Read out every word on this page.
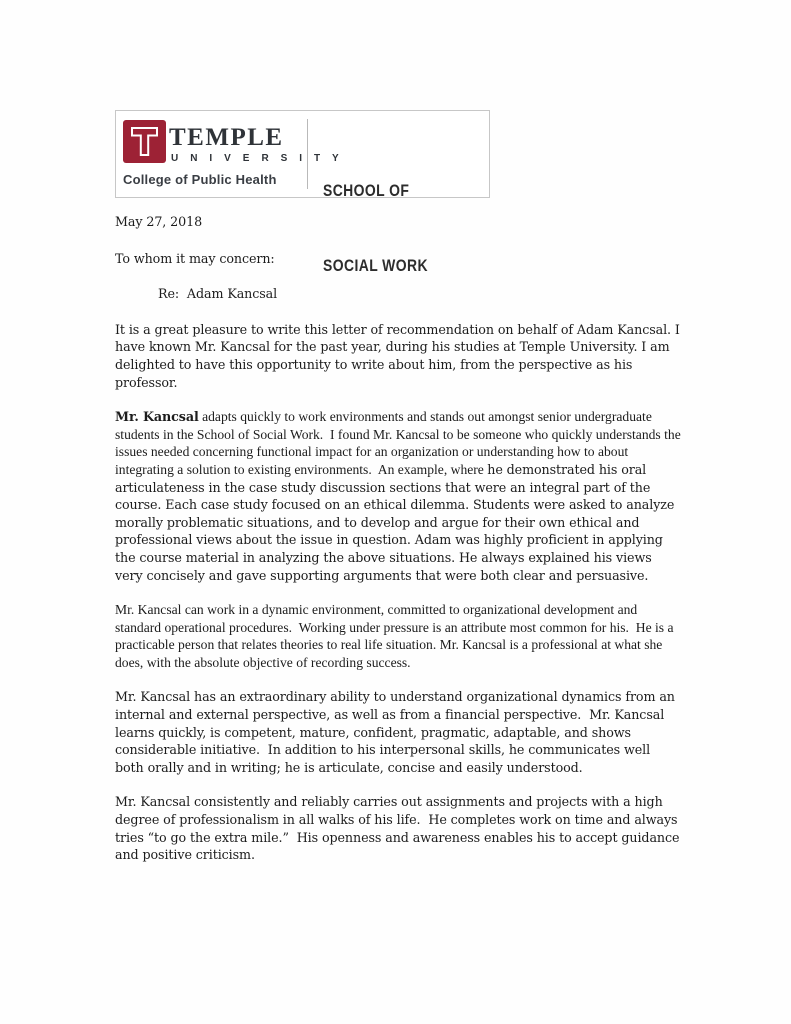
TEMPLE
U N I V E R S I T Y
College of Public Health

SCHOOL OF

SOCIAL WORK

May 27, 2018

To whom it may concern:

Re:  Adam Kancsal

It is a great pleasure to write this letter of recommendation on behalf of Adam Kancsal. I have known Mr. Kancsal for the past year, during his studies at Temple University. I am delighted to have this opportunity to write about him, from the perspective as his professor.

Mr. Kancsal adapts quickly to work environments and stands out amongst senior undergraduate students in the School of Social Work.  I found Mr. Kancsal to be someone who quickly understands the issues needed concerning functional impact for an organization or understanding how to about integrating a solution to existing environments.  An example, where he demonstrated his oral articulateness in the case study discussion sections that were an integral part of the course. Each case study focused on an ethical dilemma. Students were asked to analyze morally problematic situations, and to develop and argue for their own ethical and professional views about the issue in question. Adam was highly proficient in applying the course material in analyzing the above situations. He always explained his views very concisely and gave supporting arguments that were both clear and persuasive.

Mr. Kancsal can work in a dynamic environment, committed to organizational development and standard operational procedures.  Working under pressure is an attribute most common for his.  He is a practicable person that relates theories to real life situation. Mr. Kancsal is a professional at what she does, with the absolute objective of recording success.

Mr. Kancsal has an extraordinary ability to understand organizational dynamics from an internal and external perspective, as well as from a financial perspective.  Mr. Kancsal learns quickly, is competent, mature, confident, pragmatic, adaptable, and shows considerable initiative.  In addition to his interpersonal skills, he communicates well both orally and in writing; he is articulate, concise and easily understood.

Mr. Kancsal consistently and reliably carries out assignments and projects with a high degree of professionalism in all walks of his life.  He completes work on time and always tries “to go the extra mile.”  His openness and awareness enables his to accept guidance and positive criticism.
